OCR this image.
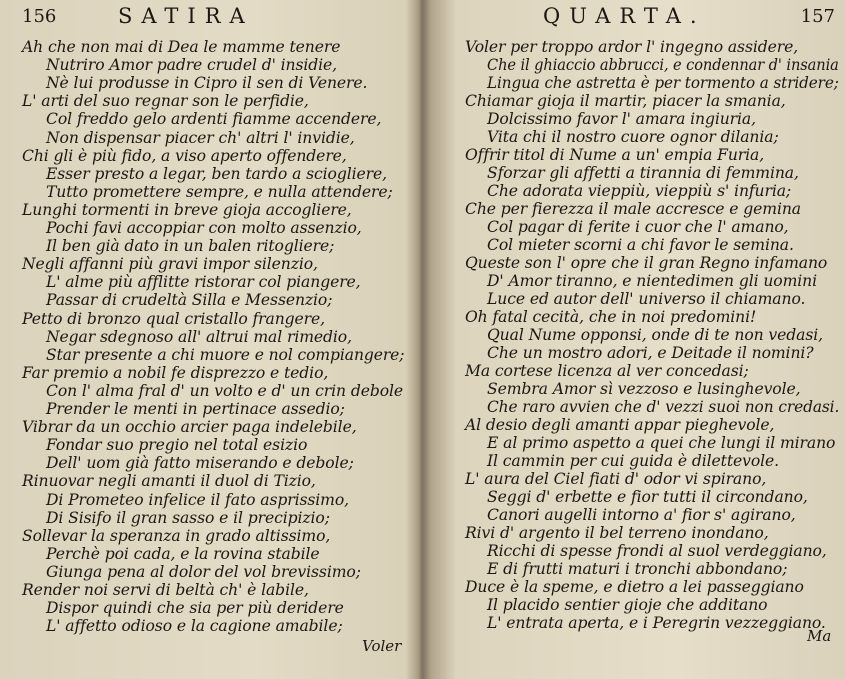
156	SATIRA
Ah che non mai di Dea le mamme tenere
Nutriro Amor padre crudel d' insidie,
Nè lui produsse in Cipro il sen di Venere.
L' arti del suo regnar son le perfidie,
Col freddo gelo ardenti fiamme accendere,
Non dispensar piacer ch' altri l' invidie,
Chi gli è più fido, a viso aperto offendere,
Esser presto a legar, ben tardo a sciogliere,
Tutto promettere sempre, e nulla attendere;
Lunghi tormenti in breve gioja accogliere,
Pochi favi accoppiar con molto assenzio,
Il ben già dato in un balen ritogliere;
Negli affanni più gravi impor silenzio,
L' alme più afflitte ristorar col piangere,
Passar di crudeltà Silla e Messenzio;
Petto di bronzo qual cristallo frangere,
Negar sdegnoso all' altrui mal rimedio,
Star presente a chi muore e nol compiangere;
Far premio a nobil fe disprezzo e tedio,
Con l' alma fral d' un volto e d' un crin debole
Prender le menti in pertinace assedio;
Vibrar da un occhio arcier paga indelebile,
Fondar suo pregio nel total esizio
Dell' uom già fatto miserando e debole;
Rinuovar negli amanti il duol di Tizio,
Di Prometeo infelice il fato asprissimo,
Di Sisifo il gran sasso e il precipizio;
Sollevar la speranza in grado altissimo,
Perchè poi cada, e la rovina stabile
Giunga pena al dolor del vol brevissimo;
Render noi servi di beltà ch' è labile,
Dispor quindi che sia per più deridere
L' affetto odioso e la cagione amabile;
Voler
QUARTA.	157
Voler per troppo ardor l' ingegno assidere,
Che il ghiaccio abbrucci, e condennar d' insania
Lingua che astretta è per tormento a stridere;
Chiamar gioja il martir, piacer la smania,
Dolcissimo favor l' amara ingiuria,
Vita chi il nostro cuore ognor dilania;
Offrir titol di Nume a un' empia Furia,
Sforzar gli affetti a tirannia di femmina,
Che adorata vieppiù, vieppiù s' infuria;
Che per fierezza il male accresce e gemina
Col pagar di ferite i cuor che l' amano,
Col mieter scorni a chi favor le semina.
Queste son l' opre che il gran Regno infamano
D' Amor tiranno, e nientedimen gli uomini
Luce ed autor dell' universo il chiamano.
Oh fatal cecità, che in noi predomini!
Qual Nume opponsi, onde di te non vedasi,
Che un mostro adori, e Deitade il nomini?
Ma cortese licenza al ver concedasi;
Sembra Amor sì vezzoso e lusinghevole,
Che raro avvien che d' vezzi suoi non credasi.
Al desio degli amanti appar pieghevole,
E al primo aspetto a quei che lungi il mirano
Il cammin per cui guida è dilettevole.
L' aura del Ciel fiati d' odor vi spirano,
Seggi d' erbette e fior tutti il circondano,
Canori augelli intorno a' fior s' agirano,
Rivi d' argento il bel terreno inondano,
Ricchi di spesse frondi al suol verdeggiano,
E di frutti maturi i tronchi abbondano;
Duce è la speme, e dietro a lei passeggiano
Il placido sentier gioje che additano
L' entrata aperta, e i Peregrin vezzeggiano.
Ma
